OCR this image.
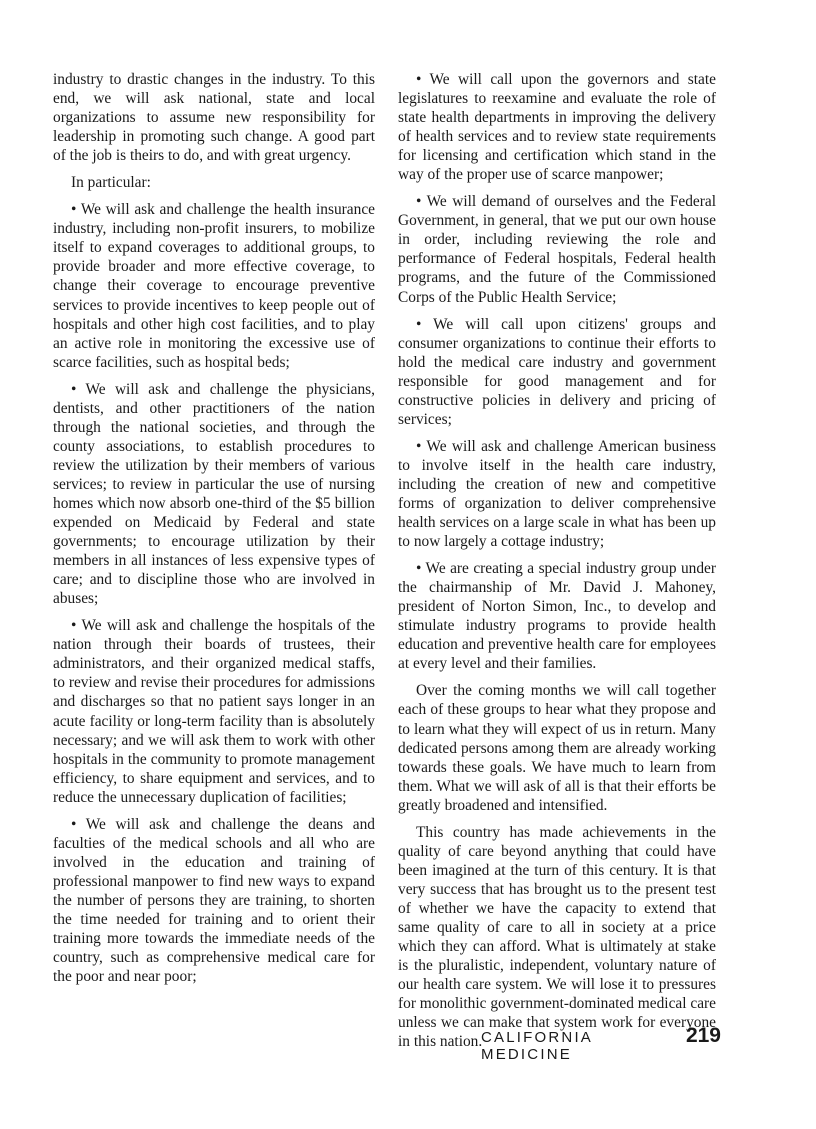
industry to drastic changes in the industry. To this end, we will ask national, state and local organizations to assume new responsibility for leadership in promoting such change. A good part of the job is theirs to do, and with great urgency.

In particular:

• We will ask and challenge the health insurance industry, including non-profit insurers, to mobilize itself to expand coverages to additional groups, to provide broader and more effective coverage, to change their coverage to encourage preventive services to provide incentives to keep people out of hospitals and other high cost facilities, and to play an active role in monitoring the excessive use of scarce facilities, such as hospital beds;

• We will ask and challenge the physicians, dentists, and other practitioners of the nation through the national societies, and through the county associations, to establish procedures to review the utilization by their members of various services; to review in particular the use of nursing homes which now absorb one-third of the $5 billion expended on Medicaid by Federal and state governments; to encourage utilization by their members in all instances of less expensive types of care; and to discipline those who are involved in abuses;

• We will ask and challenge the hospitals of the nation through their boards of trustees, their administrators, and their organized medical staffs, to review and revise their procedures for admissions and discharges so that no patient says longer in an acute facility or long-term facility than is absolutely necessary; and we will ask them to work with other hospitals in the community to promote management efficiency, to share equipment and services, and to reduce the unnecessary duplication of facilities;

• We will ask and challenge the deans and faculties of the medical schools and all who are involved in the education and training of professional manpower to find new ways to expand the number of persons they are training, to shorten the time needed for training and to orient their training more towards the immediate needs of the country, such as comprehensive medical care for the poor and near poor;

• We will call upon the governors and state legislatures to reexamine and evaluate the role of state health departments in improving the delivery of health services and to review state requirements for licensing and certification which stand in the way of the proper use of scarce manpower;

• We will demand of ourselves and the Federal Government, in general, that we put our own house in order, including reviewing the role and performance of Federal hospitals, Federal health programs, and the future of the Commissioned Corps of the Public Health Service;

• We will call upon citizens' groups and consumer organizations to continue their efforts to hold the medical care industry and government responsible for good management and for constructive policies in delivery and pricing of services;

• We will ask and challenge American business to involve itself in the health care industry, including the creation of new and competitive forms of organization to deliver comprehensive health services on a large scale in what has been up to now largely a cottage industry;

• We are creating a special industry group under the chairmanship of Mr. David J. Mahoney, president of Norton Simon, Inc., to develop and stimulate industry programs to provide health education and preventive health care for employees at every level and their families.

Over the coming months we will call together each of these groups to hear what they propose and to learn what they will expect of us in return. Many dedicated persons among them are already working towards these goals. We have much to learn from them. What we will ask of all is that their efforts be greatly broadened and intensified.

This country has made achievements in the quality of care beyond anything that could have been imagined at the turn of this century. It is that very success that has brought us to the present test of whether we have the capacity to extend that same quality of care to all in society at a price which they can afford. What is ultimately at stake is the pluralistic, independent, voluntary nature of our health care system. We will lose it to pressures for monolithic government-dominated medical care unless we can make that system work for everyone in this nation.

CALIFORNIA MEDICINE
219
